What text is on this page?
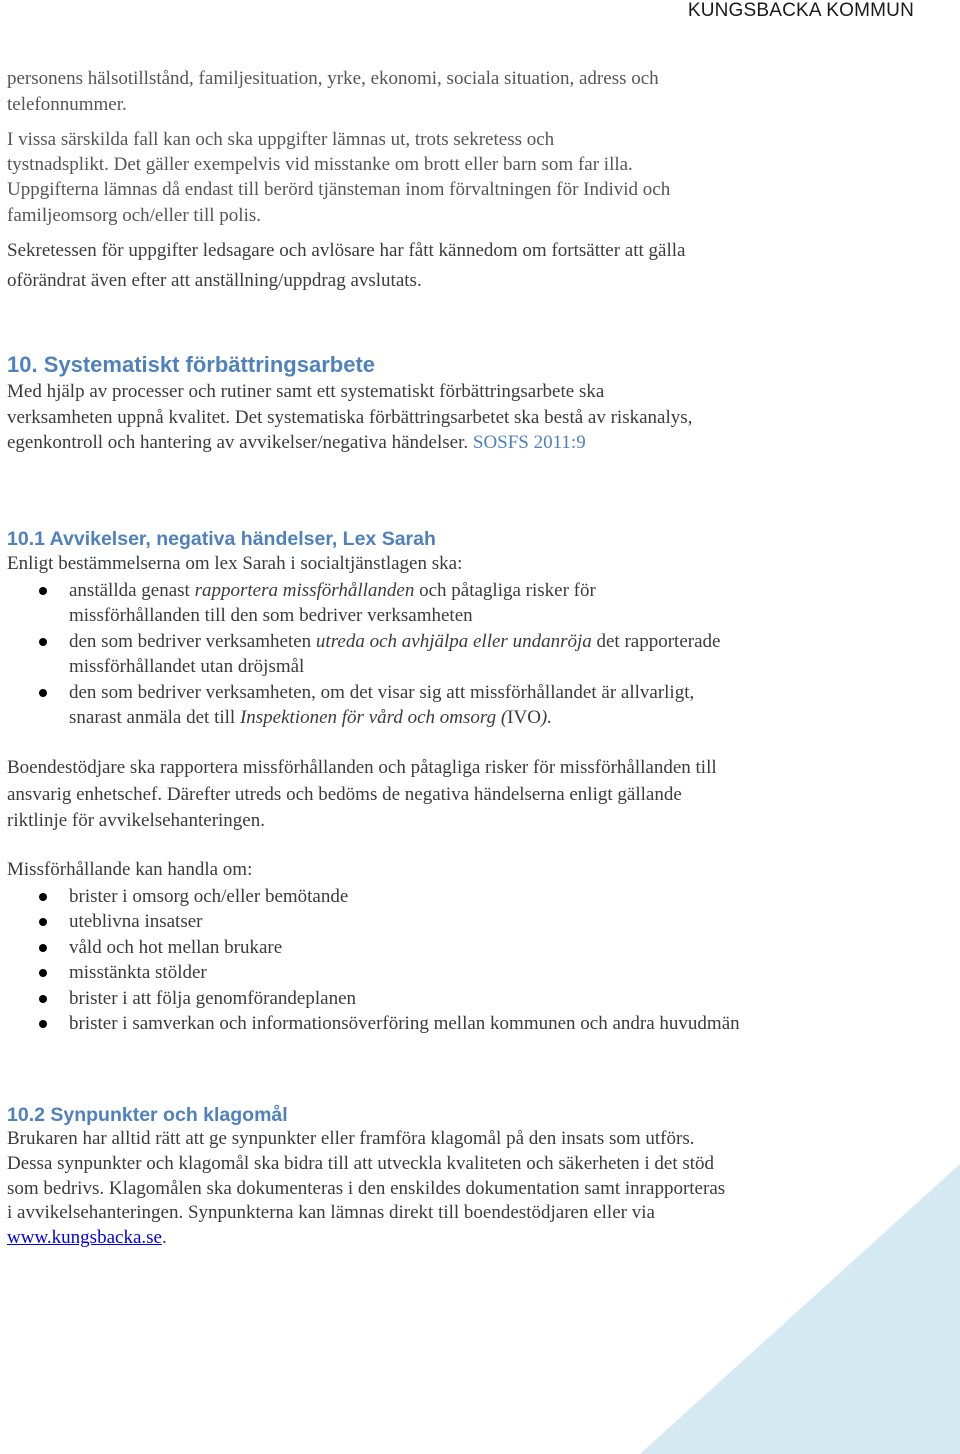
KUNGSBACKA KOMMUN

personens hälsotillstånd, familjesituation, yrke, ekonomi, sociala situation, adress och telefonnummer.

I vissa särskilda fall kan och ska uppgifter lämnas ut, trots sekretess och
tystnadsplikt. Det gäller exempelvis vid misstanke om brott eller barn som far illa.
Uppgifterna lämnas då endast till berörd tjänsteman inom förvaltningen för Individ och familjeomsorg och/eller till polis.

Sekretessen för uppgifter ledsagare och avlösare har fått kännedom om fortsätter att gälla oförändrat även efter att anställning/uppdrag avslutats.

10. Systematiskt förbättringsarbete

Med hjälp av processer och rutiner samt ett systematiskt förbättringsarbete ska verksamheten uppnå kvalitet. Det systematiska förbättringsarbetet ska bestå av riskanalys, egenkontroll och hantering av avvikelser/negativa händelser. SOSFS 2011:9

10.1 Avvikelser, negativa händelser, Lex Sarah

Enligt bestämmelserna om lex Sarah i socialtjänstlagen ska:

anställda genast rapportera missförhållanden och påtagliga risker för missförhållanden till den som bedriver verksamheten
den som bedriver verksamheten utreda och avhjälpa eller undanröja det rapporterade missförhållandet utan dröjsmål
den som bedriver verksamheten, om det visar sig att missförhållandet är allvarligt, snarast anmäla det till Inspektionen för vård och omsorg (IVO).

Boendestödjare ska rapportera missförhållanden och påtagliga risker för missförhållanden till ansvarig enhetschef. Därefter utreds och bedöms de negativa händelserna enligt gällande riktlinje för avvikelsehanteringen.

Missförhållande kan handla om:

brister i omsorg och/eller bemötande
uteblivna insatser
våld och hot mellan brukare
misstänkta stölder
brister i att följa genomförandeplanen
brister i samverkan och informationsöverföring mellan kommunen och andra huvudmän
10.2 Synpunkter och klagomål

Brukaren har alltid rätt att ge synpunkter eller framföra klagomål på den insats som utförs. Dessa synpunkter och klagomål ska bidra till att utveckla kvaliteten och säkerheten i det stöd som bedrivs. Klagomålen ska dokumenteras i den enskildes dokumentation samt inrapporteras i avvikelsehanteringen. Synpunkterna kan lämnas direkt till boendestödjaren eller via www.kungsbacka.se.
